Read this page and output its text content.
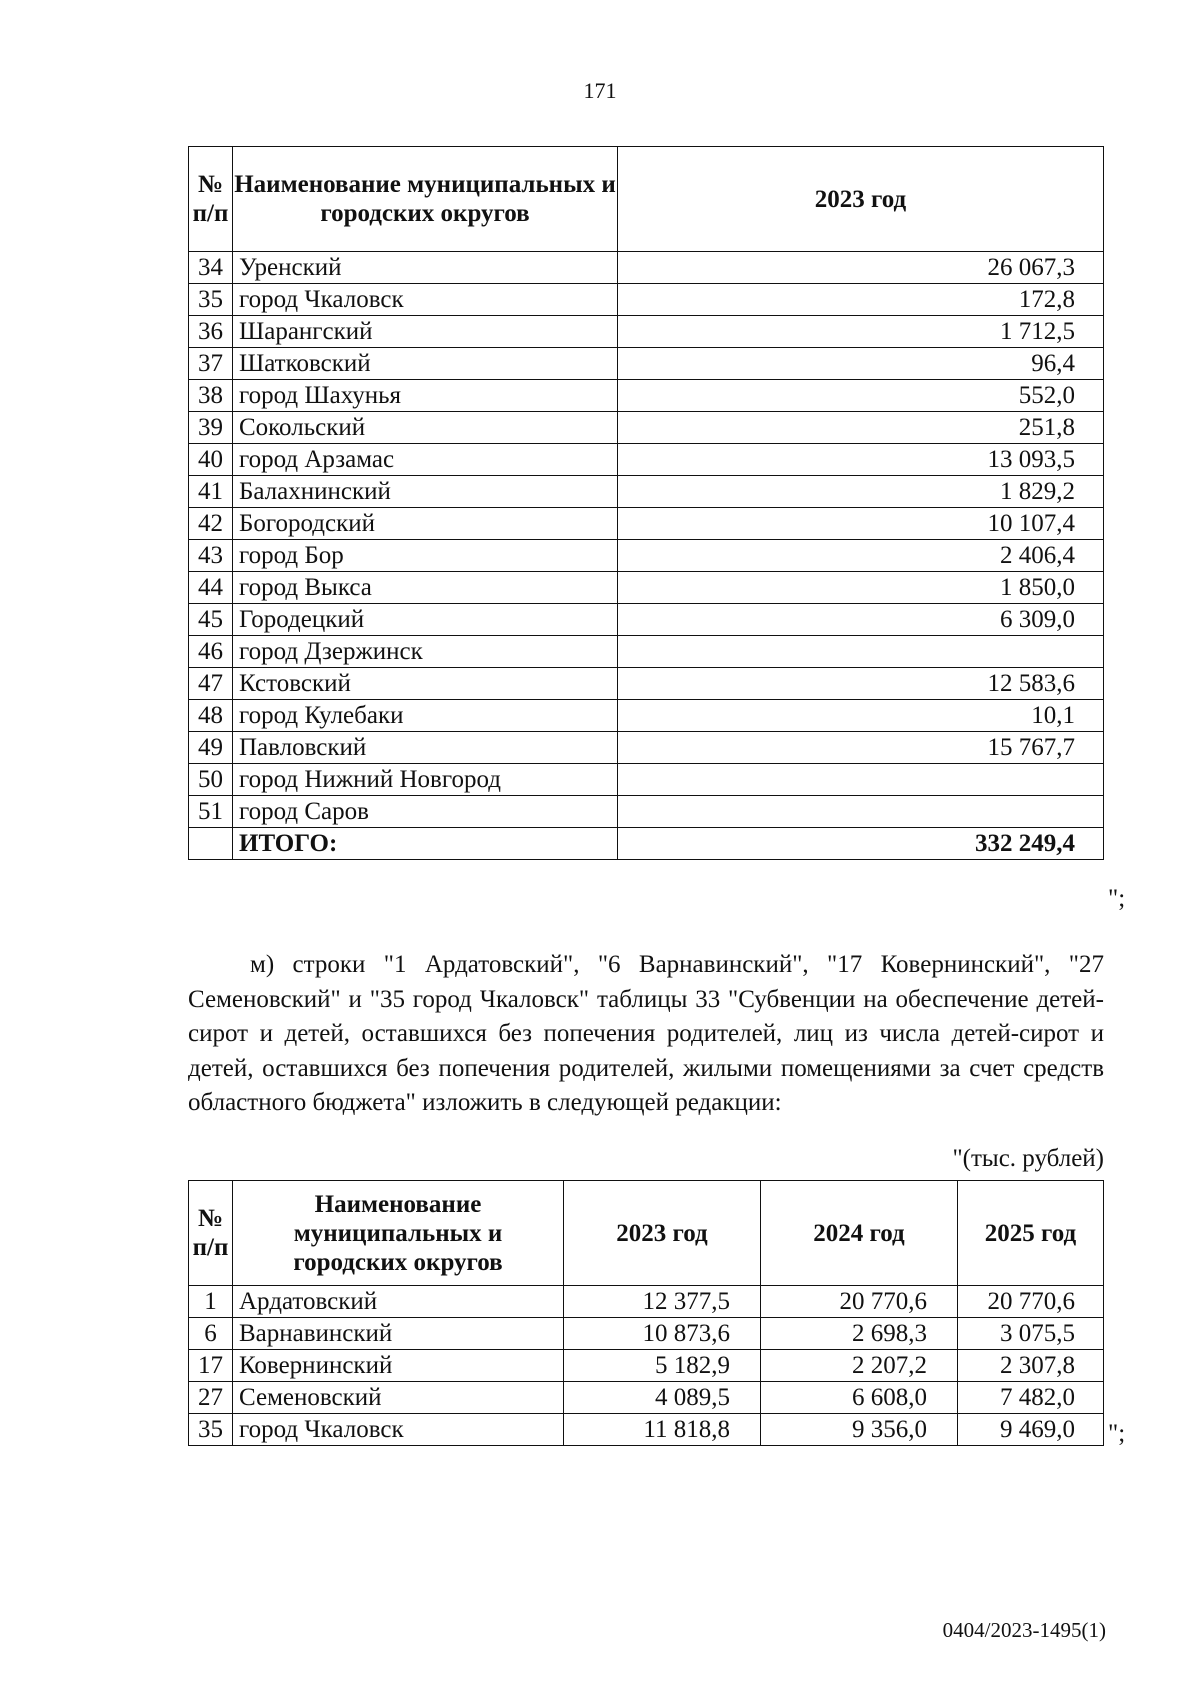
171
№ п/п	Наименование муниципальных и городских округов	2023 год
34	Уренский	26 067,3
35	город Чкаловск	172,8
36	Шарангский	1 712,5
37	Шатковский	96,4
38	город Шахунья	552,0
39	Сокольский	251,8
40	город Арзамас	13 093,5
41	Балахнинский	1 829,2
42	Богородский	10 107,4
43	город Бор	2 406,4
44	город Выкса	1 850,0
45	Городецкий	6 309,0
46	город Дзержинск	
47	Кстовский	12 583,6
48	город Кулебаки	10,1
49	Павловский	15 767,7
50	город Нижний Новгород	
51	город Саров	
	ИТОГО:	332 249,4
";
м) строки "1 Ардатовский", "6 Варнавинский", "17 Ковернинский", "27 Семеновский" и "35 город Чкаловск" таблицы 33 "Субвенции на обеспечение детей-сирот и детей, оставшихся без попечения родителей, лиц из числа детей-сирот и детей, оставшихся без попечения родителей, жилыми помещениями за счет средств областного бюджета" изложить в следующей редакции:
"(тыс. рублей)
№ п/п	Наименование муниципальных и городских округов	2023 год	2024 год	2025 год
1	Ардатовский	12 377,5	20 770,6	20 770,6
6	Варнавинский	10 873,6	2 698,3	3 075,5
17	Ковернинский	5 182,9	2 207,2	2 307,8
27	Семеновский	4 089,5	6 608,0	7 482,0
35	город Чкаловск	11 818,8	9 356,0	9 469,0 ";
0404/2023-1495(1)
